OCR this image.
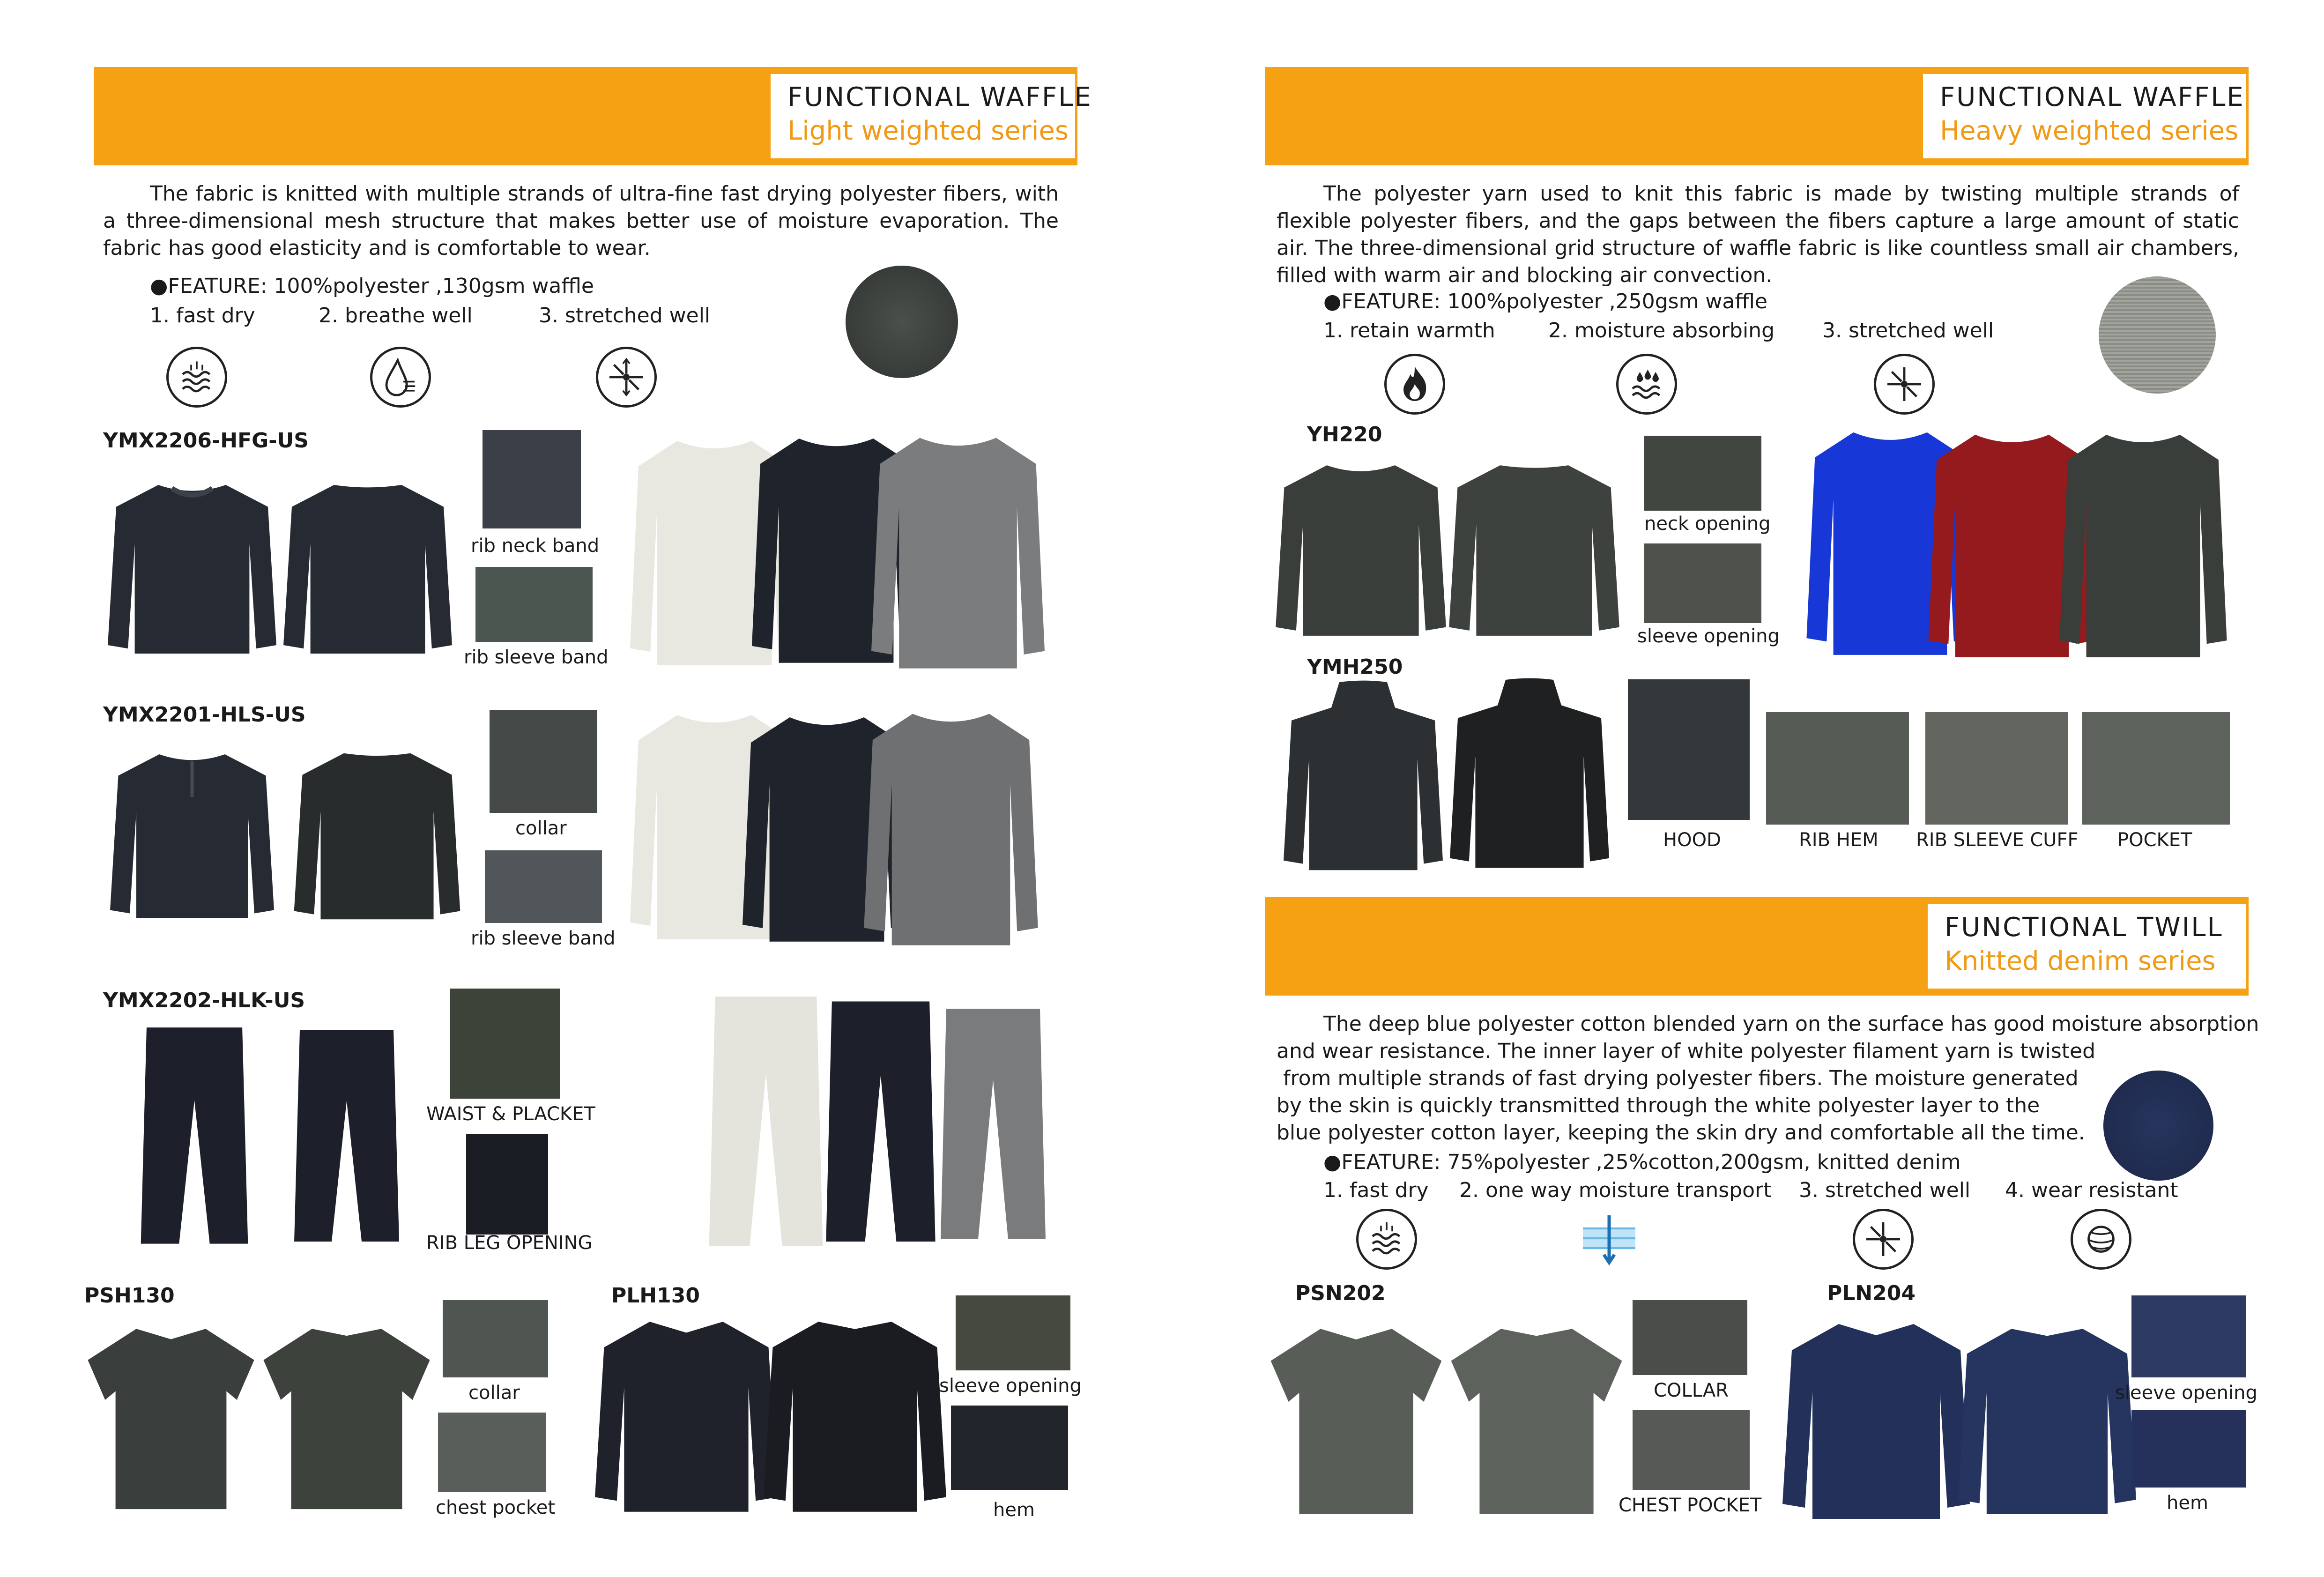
FUNCTIONAL WAFFLE
Light weighted series
The fabric is knitted with multiple strands of ultra-fine fast drying polyester fibers, with a three-dimensional mesh structure that makes better use of moisture evaporation. The fabric has good elasticity and is comfortable to wear.
●FEATURE: 100%polyester ,130gsm waffle
1. fast dry	2. breathe well	3. stretched well
YMX2206-HFG-US
rib neck band
rib sleeve band
YMX2201-HLS-US
collar
rib sleeve band
YMX2202-HLK-US
WAIST & PLACKET
RIB LEG OPENING
PSH130
collar
chest pocket
PLH130
sleeve opening
hem
FUNCTIONAL WAFFLE
Heavy weighted series
The polyester yarn used to knit this fabric is made by twisting multiple strands of flexible polyester fibers, and the gaps between the fibers capture a large amount of static air. The three-dimensional grid structure of waffle fabric is like countless small air chambers, filled with warm air and blocking air convection.
●FEATURE: 100%polyester ,250gsm waffle
1. retain warmth	2. moisture absorbing 3. stretched well
YH220
neck opening
sleeve opening
YMH250
HOOD	RIB HEM RIB SLEEVE CUFF POCKET
FUNCTIONAL TWILL
Knitted denim series
The deep blue polyester cotton blended yarn on the surface has good moisture absorption
and wear resistance. The inner layer of white polyester filament yarn is twisted
from multiple strands of fast drying polyester fibers. The moisture generated
by the skin is quickly transmitted through the white polyester layer to the
blue polyester cotton layer, keeping the skin dry and comfortable all the time.
●FEATURE: 75%polyester ,25%cotton,200gsm, knitted denim
1. fast dry 2. one way moisture transport 3. stretched well 4. wear resistant
PSN202
COLLAR
CHEST POCKET
PLN204
sleeve opening
hem
